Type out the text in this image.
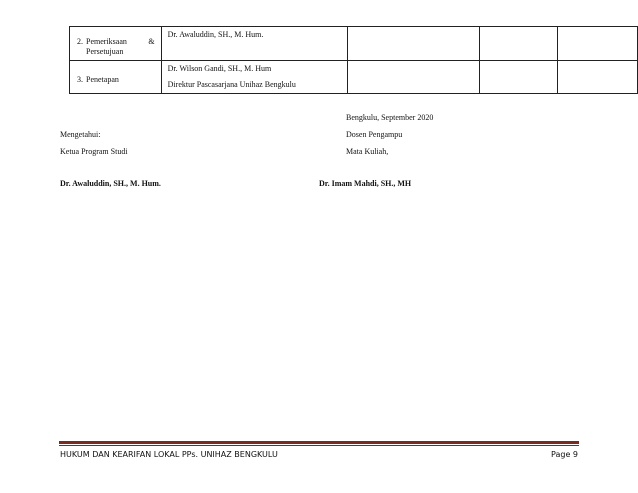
2. Pemeriksaan &
Persetujuan	Dr. Awaluddin, SH., M. Hum.			

3. Penetapan	Dr. Wilson Gandi, SH., M. Hum
Direktur Pascasarjana Unihaz Bengkulu			

Bengkulu, September 2020
Mengetahui:	Dosen Pengampu
Ketua Program Studi	Mata Kuliah,
Dr. Awaluddin, SH., M. Hum.	Dr. Imam Mahdi, SH., MH
HUKUM DAN KEARIFAN LOKAL PPs. UNIHAZ BENGKULU	Page 9
